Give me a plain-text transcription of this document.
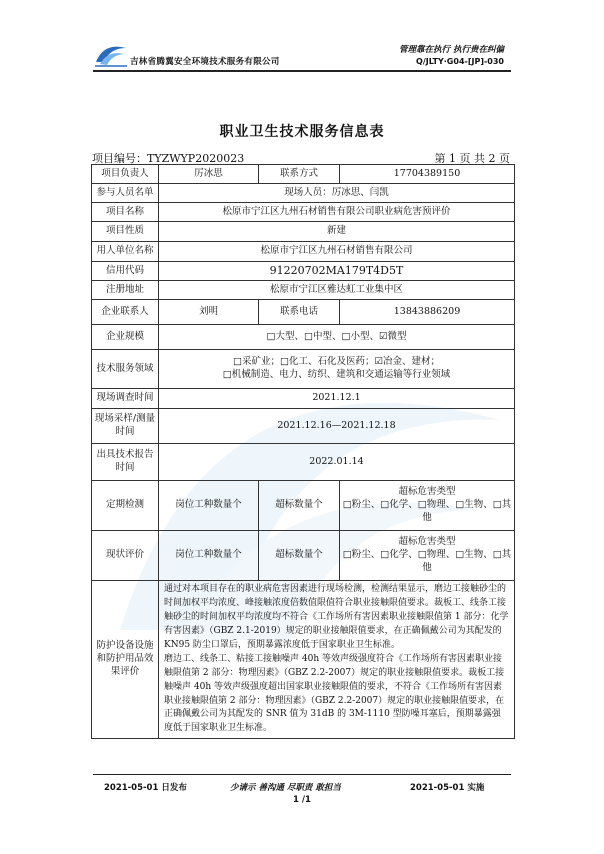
吉林省腾翼安全环境技术服务有限公司
管理靠在执行 执行贵在纠偏
Q/JLTY·G04-[JP]-030
职业卫生技术服务信息表
项目编号：TYZWYP2020023	第 1 页 共 2 页
项目负责人	厉冰思	联系方式	17704389150
参与人员名单	现场人员：厉冰思、闫凯		
项目名称	松原市宁江区九州石材销售有限公司职业病危害预评价		
项目性质	新建		
用人单位名称	松原市宁江区九州石材销售有限公司		
信用代码	91220702MA179T4D5T		
注册地址	松原市宁江区雅达虹工业集中区		
企业联系人	刘明	联系电话	13843886209
企业规模	□大型、□中型、□小型、☑微型		
技术服务领域	□采矿业；□化工、石化及医药；☑冶金、建材；
□机械制造、电力、纺织、建筑和交通运输等行业领域		

现场调查时间	2021.12.1		
现场采样/测量时间	2021.12.16—2021.12.18		
出具技术报告时间	2022.01.14		
定期检测	岗位工种数量个	超标数量个	超标危害类型
□粉尘、□化学、□物理、□生物、□其他

现状评价	岗位工种数量个	超标数量个	超标危害类型
□粉尘、□化学、□物理、□生物、□其他

防护设备设施和防护用品效果评价	通过对本项目存在的职业病危害因素进行现场检测，检测结果显示，磨边工接触砂尘的时间加权平均浓度、峰接触浓度倍数值限值符合职业接触限值要求。裁板工、线条工接触砂尘的时间加权平均浓度均不符合《工作场所有害因素职业接触限值第 1 部分：化学有害因素》（GBZ 2.1-2019）规定的职业接触限值要求，在正确佩戴公司为其配发的 KN95 防尘口罩后，预期暴露浓度低于国家职业卫生标准。
磨边工、线条工、粘接工接触噪声 40h 等效声级强度符合《工作场所有害因素职业接触限值第 2 部分：物理因素》（GBZ 2.2-2007）规定的职业接触限值要求。裁板工接触噪声 40h 等效声级强度超出国家职业接触限值的要求，不符合《工作场所有害因素职业接触限值第 2 部分：物理因素》（GBZ 2.2-2007）规定的职业接触限值要求，在正确佩戴公司为其配发的 SNR 值为 31dB 的 3M-1110 型防噪耳塞后，预期暴露强度低于国家职业卫生标准。		
2021-05-01 日发布	少请示 善沟通 尽职责 敢担当	2021-05-01 实施
1 /1
